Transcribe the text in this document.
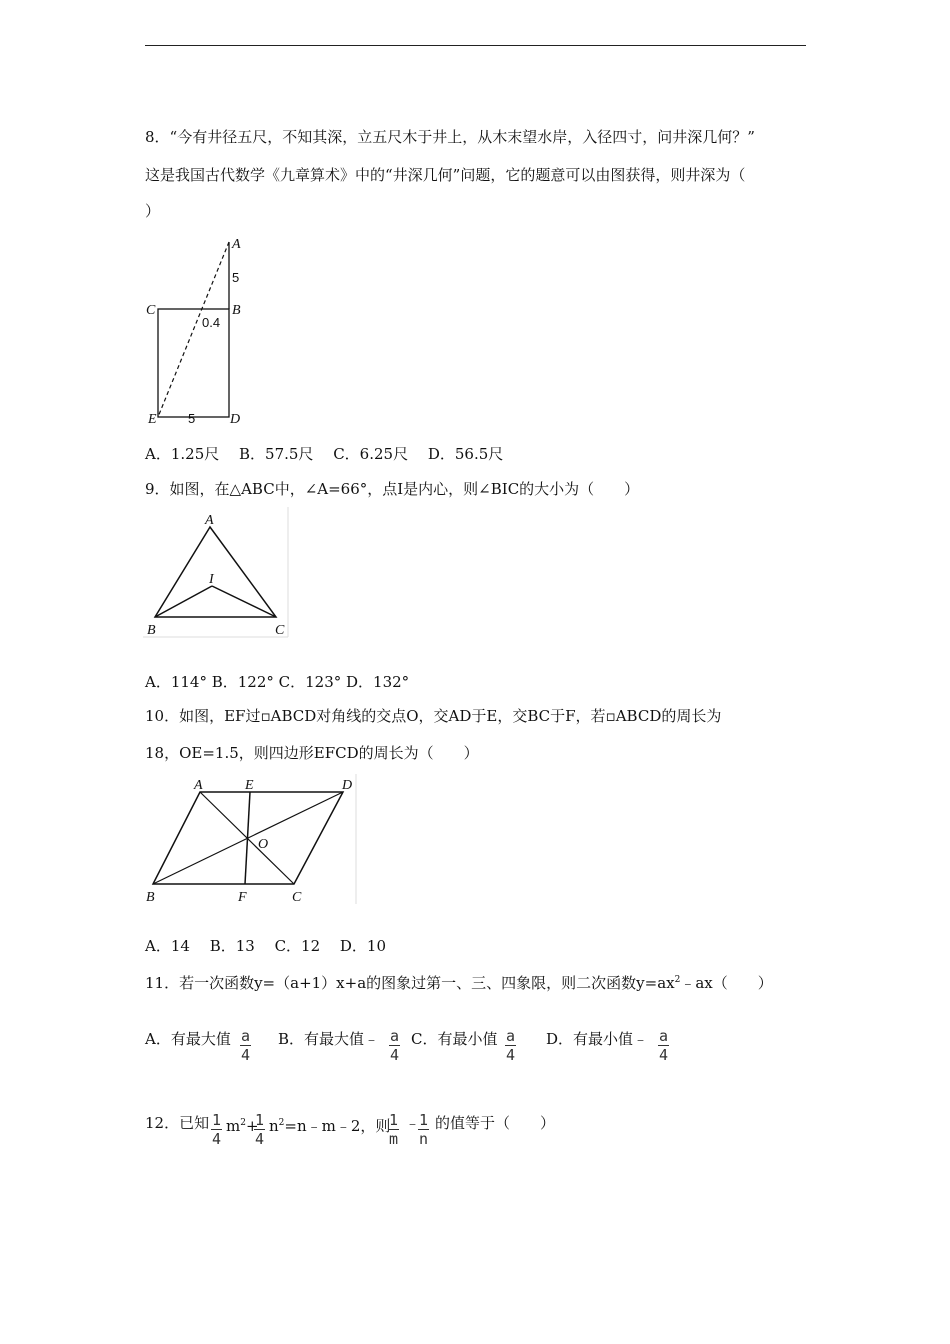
8．“今有井径五尺，不知其深，立五尺木于井上，从木末望水岸，入径四寸，问井深几何？”
这是我国古代数学《九章算术》中的“井深几何”问题，它的题意可以由图获得，则井深为（
）
A
5
C	B
0.4
E 5 D
A．1.25尺　 B．57.5尺　 C．6.25尺　 D．56.5尺
9．如图，在△ABC中，∠A=66°，点I是内心，则∠BIC的大小为（　　）
A
I
B	C
A．114° B．122° C．123° D．132°
10．如图，EF过▫ABCD对角线的交点O，交AD于E，交BC于F，若▫ABCD的周长为
18，OE=1.5，则四边形EFCD的周长为（　　）
A	E	D
O
B	F	C
A．14　 B．13　 C．12　 D．10
11．若一次函数y=（a+1）x+a的图象过第一、三、四象限，则二次函数$y=ax^2﹣ax$（　　）
A．有最大值 $\frac{a}{4}$ B．有最大值﹣ $\frac{a}{4}$ C．有最小值 $\frac{a}{4}$ D．有最小值﹣ $\frac{a}{4}$
12．已知 $\frac{1}{4} m^2+$
$\frac{1}{4}$ $n^2=n﹣m﹣2$，则
$\frac{1}{m}$ ﹣
$\frac{1}{n}$ 的值等于（　　）
